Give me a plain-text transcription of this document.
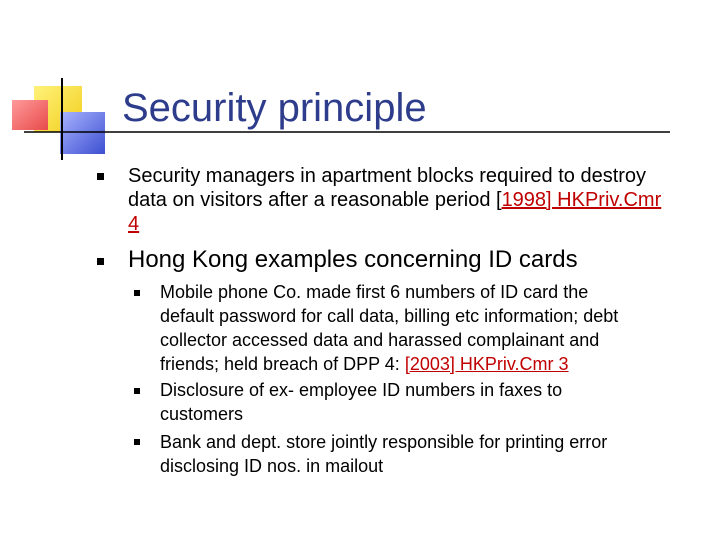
Security principle
Security managers in apartment blocks required to destroy
data on visitors after a reasonable period [1998] HKPriv.Cmr
4
Hong Kong examples concerning ID cards
Mobile phone Co. made first 6 numbers of ID card the
default password for call data, billing etc information; debt
collector accessed data and harassed complainant and
friends; held breach of DPP 4: [2003] HKPriv.Cmr 3
Disclosure of ex- employee ID numbers in faxes to
customers
Bank and dept. store jointly responsible for printing error
disclosing ID nos. in mailout
